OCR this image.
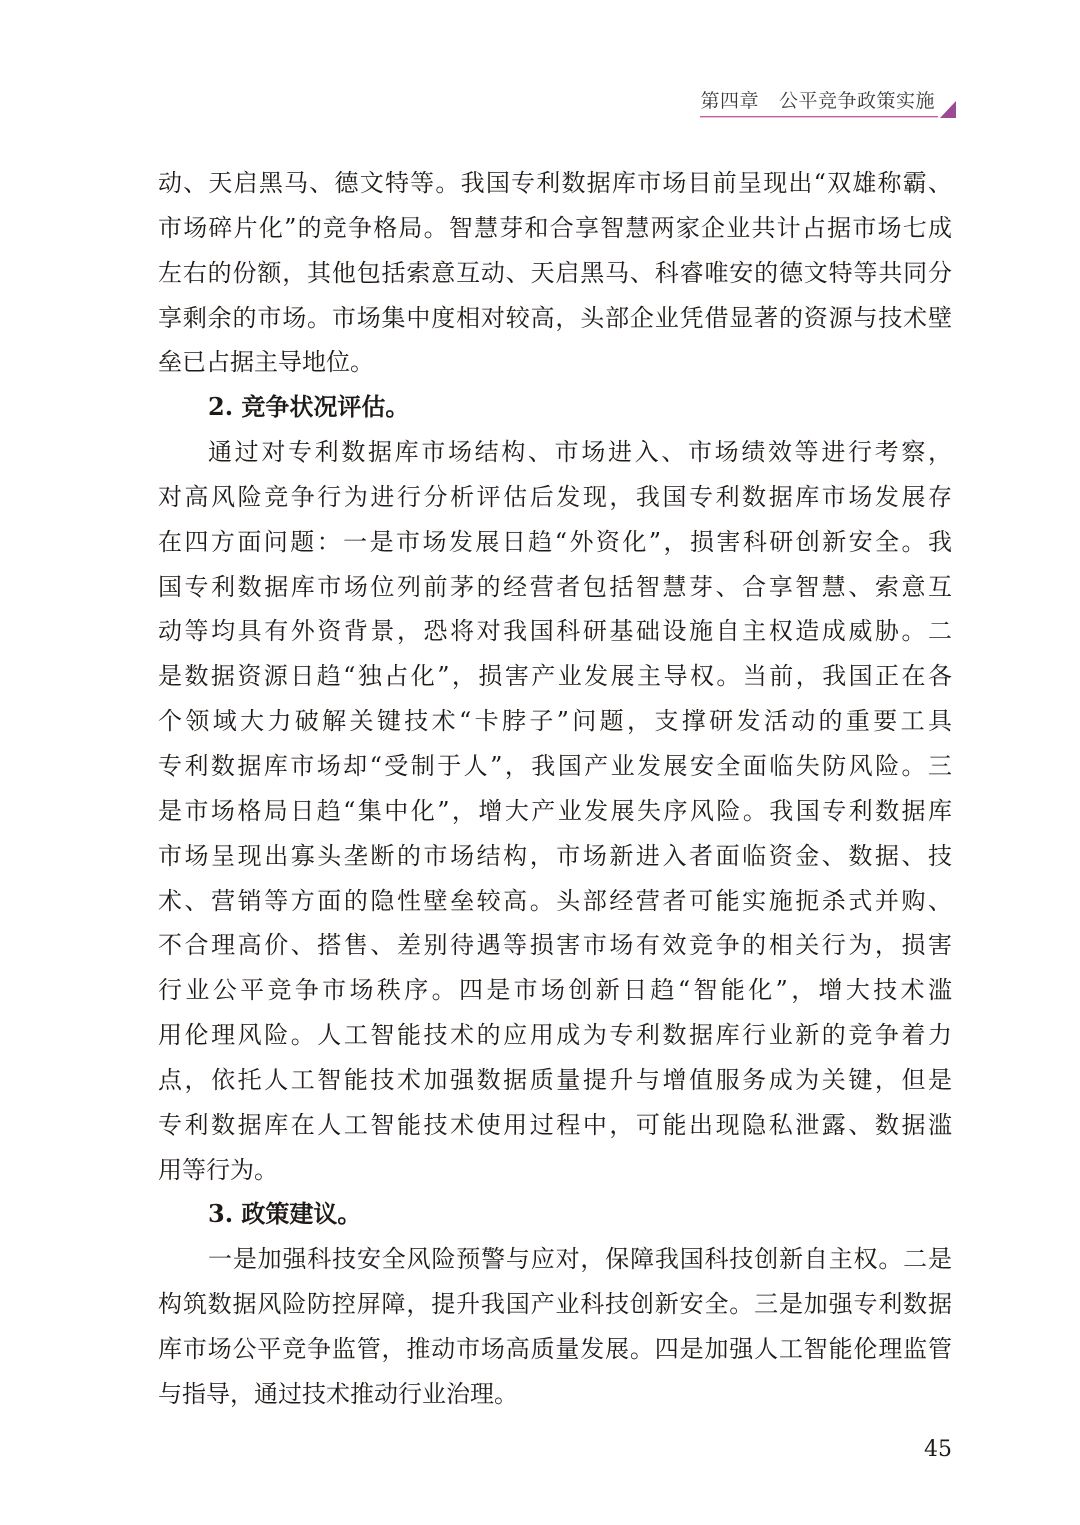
第四章 公平竞争政策实施
动、天启黑马、德文特等。我国专利数据库市场目前呈现出“双雄称霸、
市场碎片化”的竞争格局。智慧芽和合享智慧两家企业共计占据市场七成
左右的份额，其他包括索意互动、天启黑马、科睿唯安的德文特等共同分
享剩余的市场。市场集中度相对较高，头部企业凭借显著的资源与技术壁
垒已占据主导地位。
2. 竞争状况评估。
通过对专利数据库市场结构、市场进入、市场绩效等进行考察，
对高风险竞争行为进行分析评估后发现，我国专利数据库市场发展存
在四方面问题：一是市场发展日趋“外资化”，损害科研创新安全。我
国专利数据库市场位列前茅的经营者包括智慧芽、合享智慧、索意互
动等均具有外资背景，恐将对我国科研基础设施自主权造成威胁。二
是数据资源日趋“独占化”，损害产业发展主导权。当前，我国正在各
个领域大力破解关键技术“卡脖子”问题，支撑研发活动的重要工具
专利数据库市场却“受制于人”，我国产业发展安全面临失防风险。三
是市场格局日趋“集中化”，增大产业发展失序风险。我国专利数据库
市场呈现出寡头垄断的市场结构，市场新进入者面临资金、数据、技
术、营销等方面的隐性壁垒较高。头部经营者可能实施扼杀式并购、
不合理高价、搭售、差别待遇等损害市场有效竞争的相关行为，损害
行业公平竞争市场秩序。四是市场创新日趋“智能化”，增大技术滥
用伦理风险。人工智能技术的应用成为专利数据库行业新的竞争着力
点，依托人工智能技术加强数据质量提升与增值服务成为关键，但是
专利数据库在人工智能技术使用过程中，可能出现隐私泄露、数据滥
用等行为。
3. 政策建议。
一是加强科技安全风险预警与应对，保障我国科技创新自主权。二是
构筑数据风险防控屏障，提升我国产业科技创新安全。三是加强专利数据
库市场公平竞争监管，推动市场高质量发展。四是加强人工智能伦理监管
与指导，通过技术推动行业治理。
45
